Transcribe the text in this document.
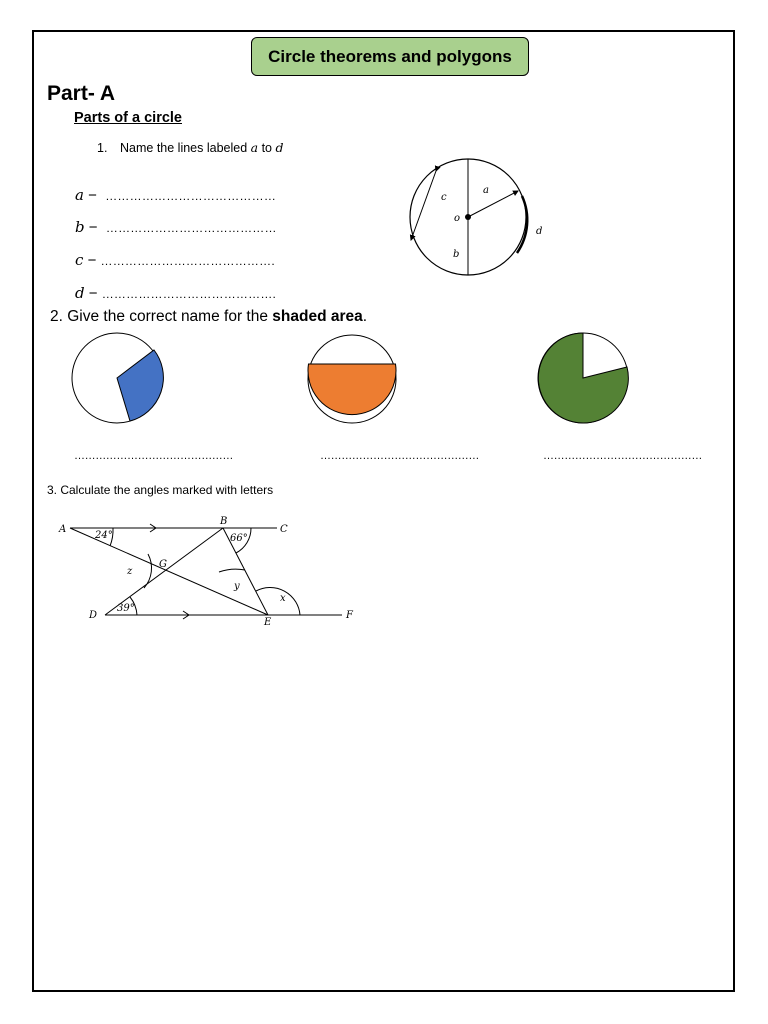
Circle theorems and polygons
Part- A
Parts of a circle
1. Name the lines labeled a to d
a − ……………………………………
b − ……………………………………
c − …………………………………….
d − …………………………………….
c
a
o
b
d
2. Give the correct name for the shaded area.
………………………………………	………………………………………	………………………………………
3. Calculate the angles marked with letters
A
B
C
D
E
F
G
24°	66°
39°
x
y
z
